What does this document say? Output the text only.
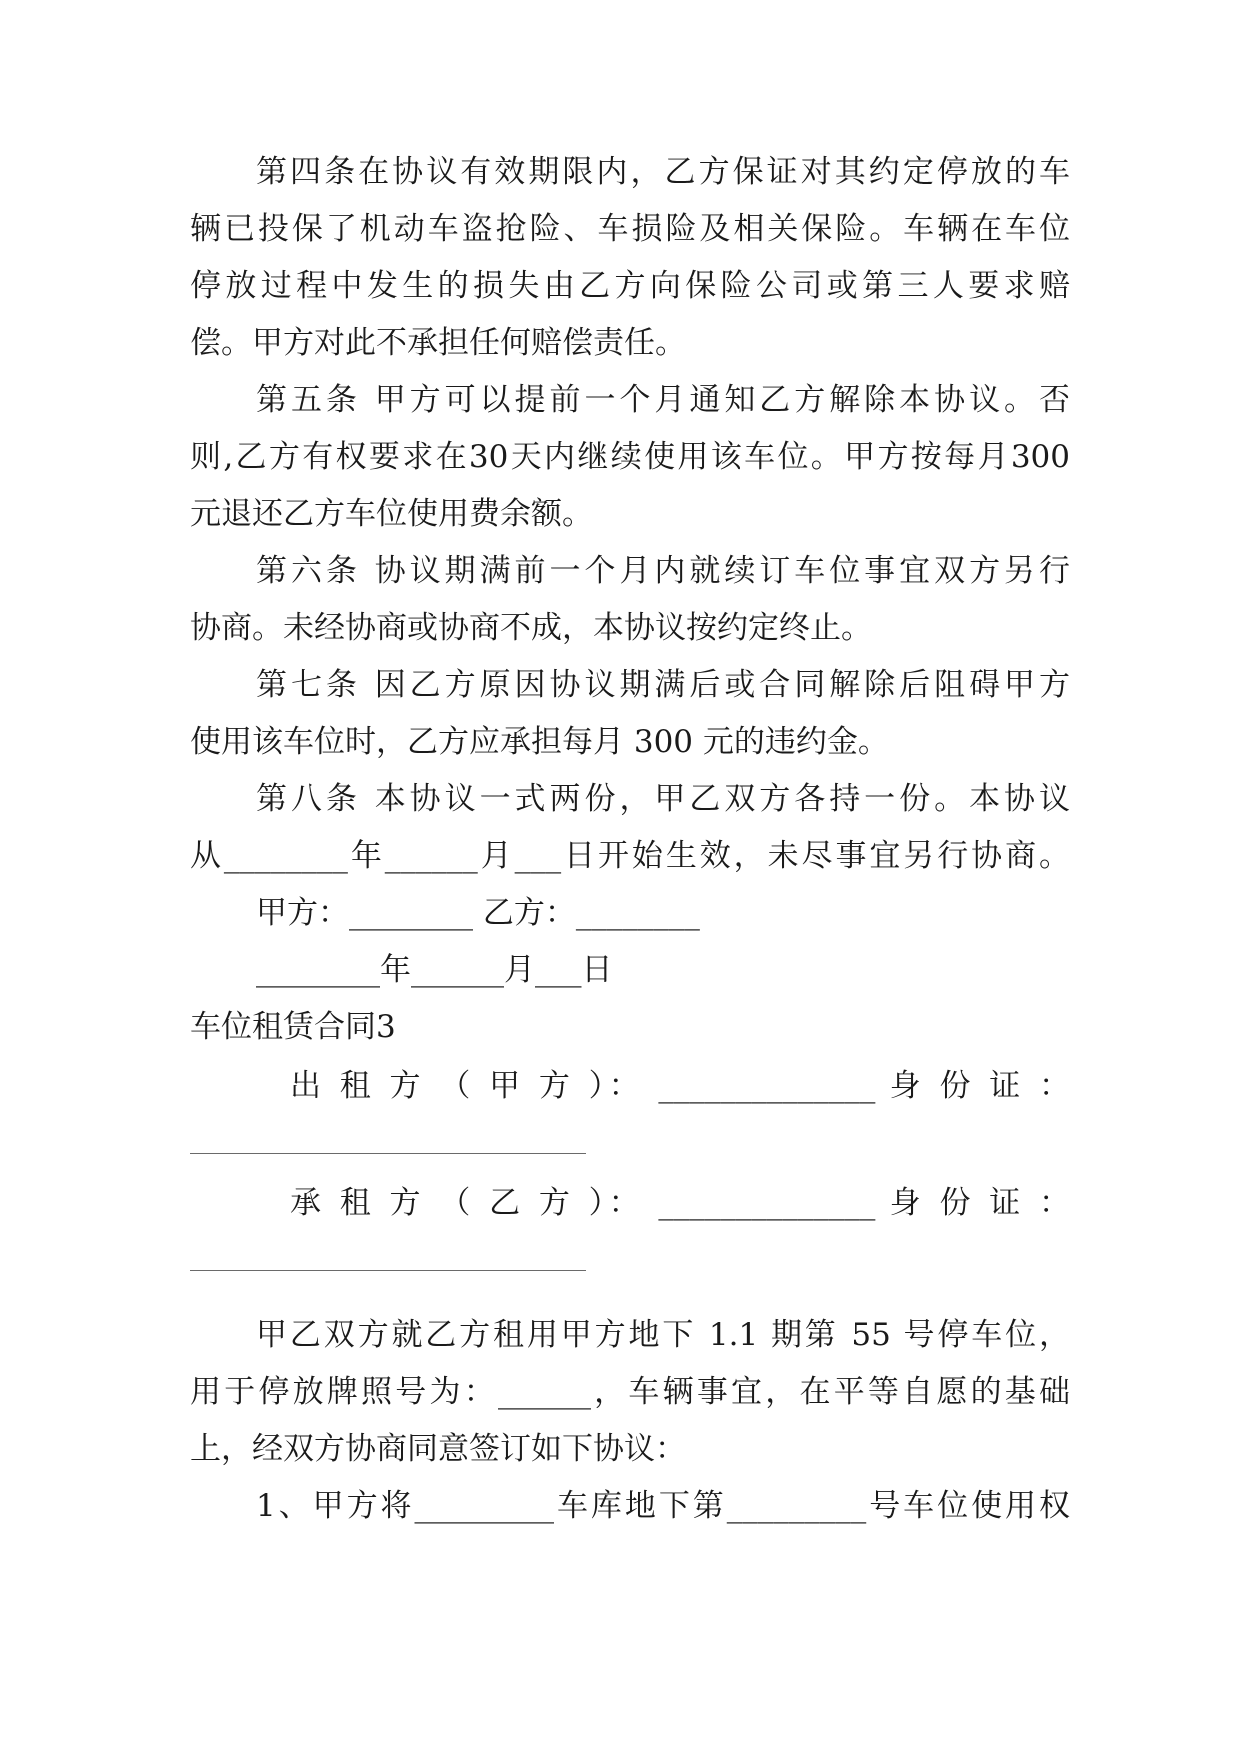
第四条在协议有效期限内，乙方保证对其约定停放的车
辆已投保了机动车盗抢险、车损险及相关保险。车辆在车位
停放过程中发生的损失由乙方向保险公司或第三人要求赔
偿。甲方对此不承担任何赔偿责任。
第五条 甲方可以提前一个月通知乙方解除本协议。否
则,乙方有权要求在30天内继续使用该车位。甲方按每月300
元退还乙方车位使用费余额。
第六条 协议期满前一个月内就续订车位事宜双方另行
协商。未经协商或协商不成，本协议按约定终止。
第七条 因乙方原因协议期满后或合同解除后阻碍甲方
使用该车位时，乙方应承担每月 300 元的违约金。
第八条 本协议一式两份，甲乙双方各持一份。本协议
从________年______月___日开始生效，未尽事宜另行协商。
甲方：________ 乙方：________
________年______月___日
车位租赁合同3
出 租 方 （ 甲 方 ）： ______________ 身 份 证 ：
承 租 方 （ 乙 方 ）： ______________ 身 份 证 ：
甲乙双方就乙方租用甲方地下 1.1 期第 55 号停车位，
用于停放牌照号为：______，车辆事宜，在平等自愿的基础
上，经双方协商同意签订如下协议：
1、甲方将_________车库地下第_________号车位使用权
